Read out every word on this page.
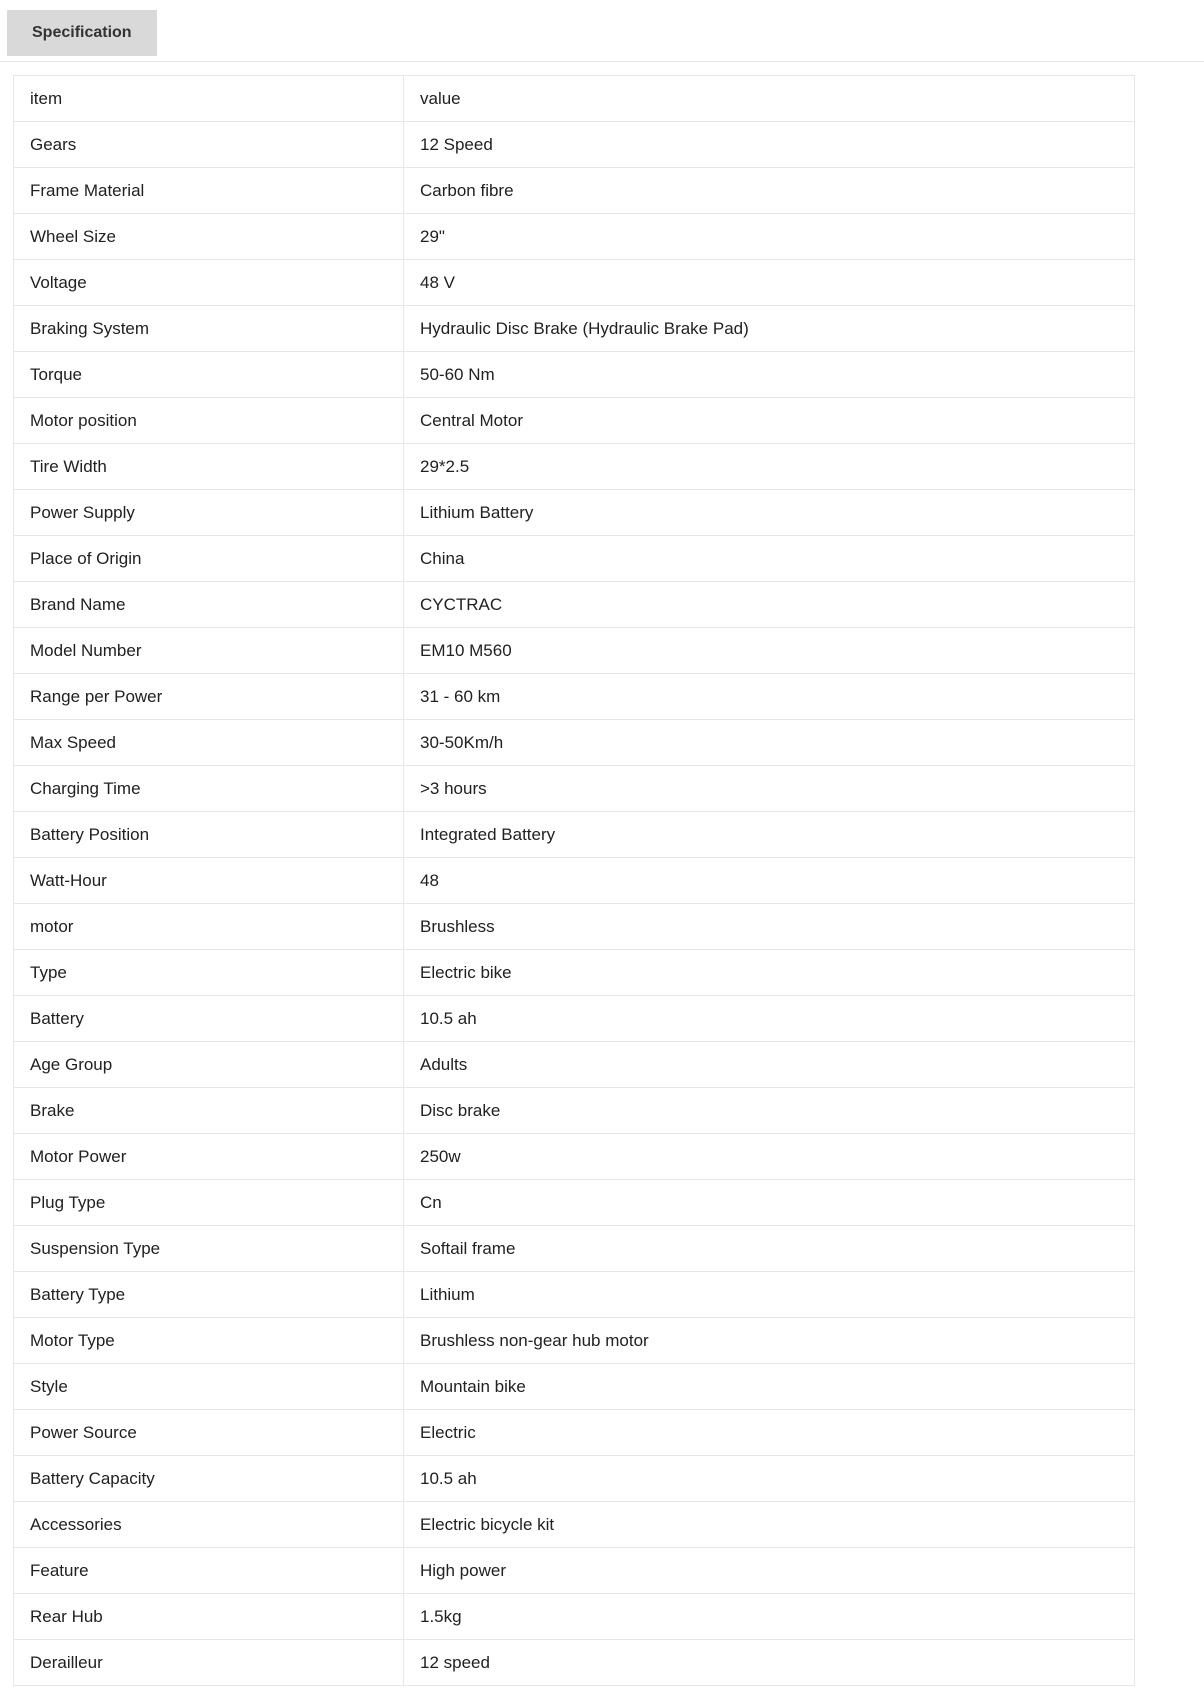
Specification
item	value
Gears	12 Speed
Frame Material	Carbon fibre
Wheel Size	29"
Voltage	48 V
Braking System	Hydraulic Disc Brake (Hydraulic Brake Pad)
Torque	50-60 Nm
Motor position	Central Motor
Tire Width	29*2.5
Power Supply	Lithium Battery
Place of Origin	China
Brand Name	CYCTRAC
Model Number	EM10 M560
Range per Power	31 - 60 km
Max Speed	30-50Km/h
Charging Time	>3 hours
Battery Position	Integrated Battery
Watt-Hour	48
motor	Brushless
Type	Electric bike
Battery	10.5 ah
Age Group	Adults
Brake	Disc brake
Motor Power	250w
Plug Type	Cn
Suspension Type	Softail frame
Battery Type	Lithium
Motor Type	Brushless non-gear hub motor
Style	Mountain bike
Power Source	Electric
Battery Capacity	10.5 ah
Accessories	Electric bicycle kit
Feature	High power
Rear Hub	1.5kg
Derailleur	12 speed
